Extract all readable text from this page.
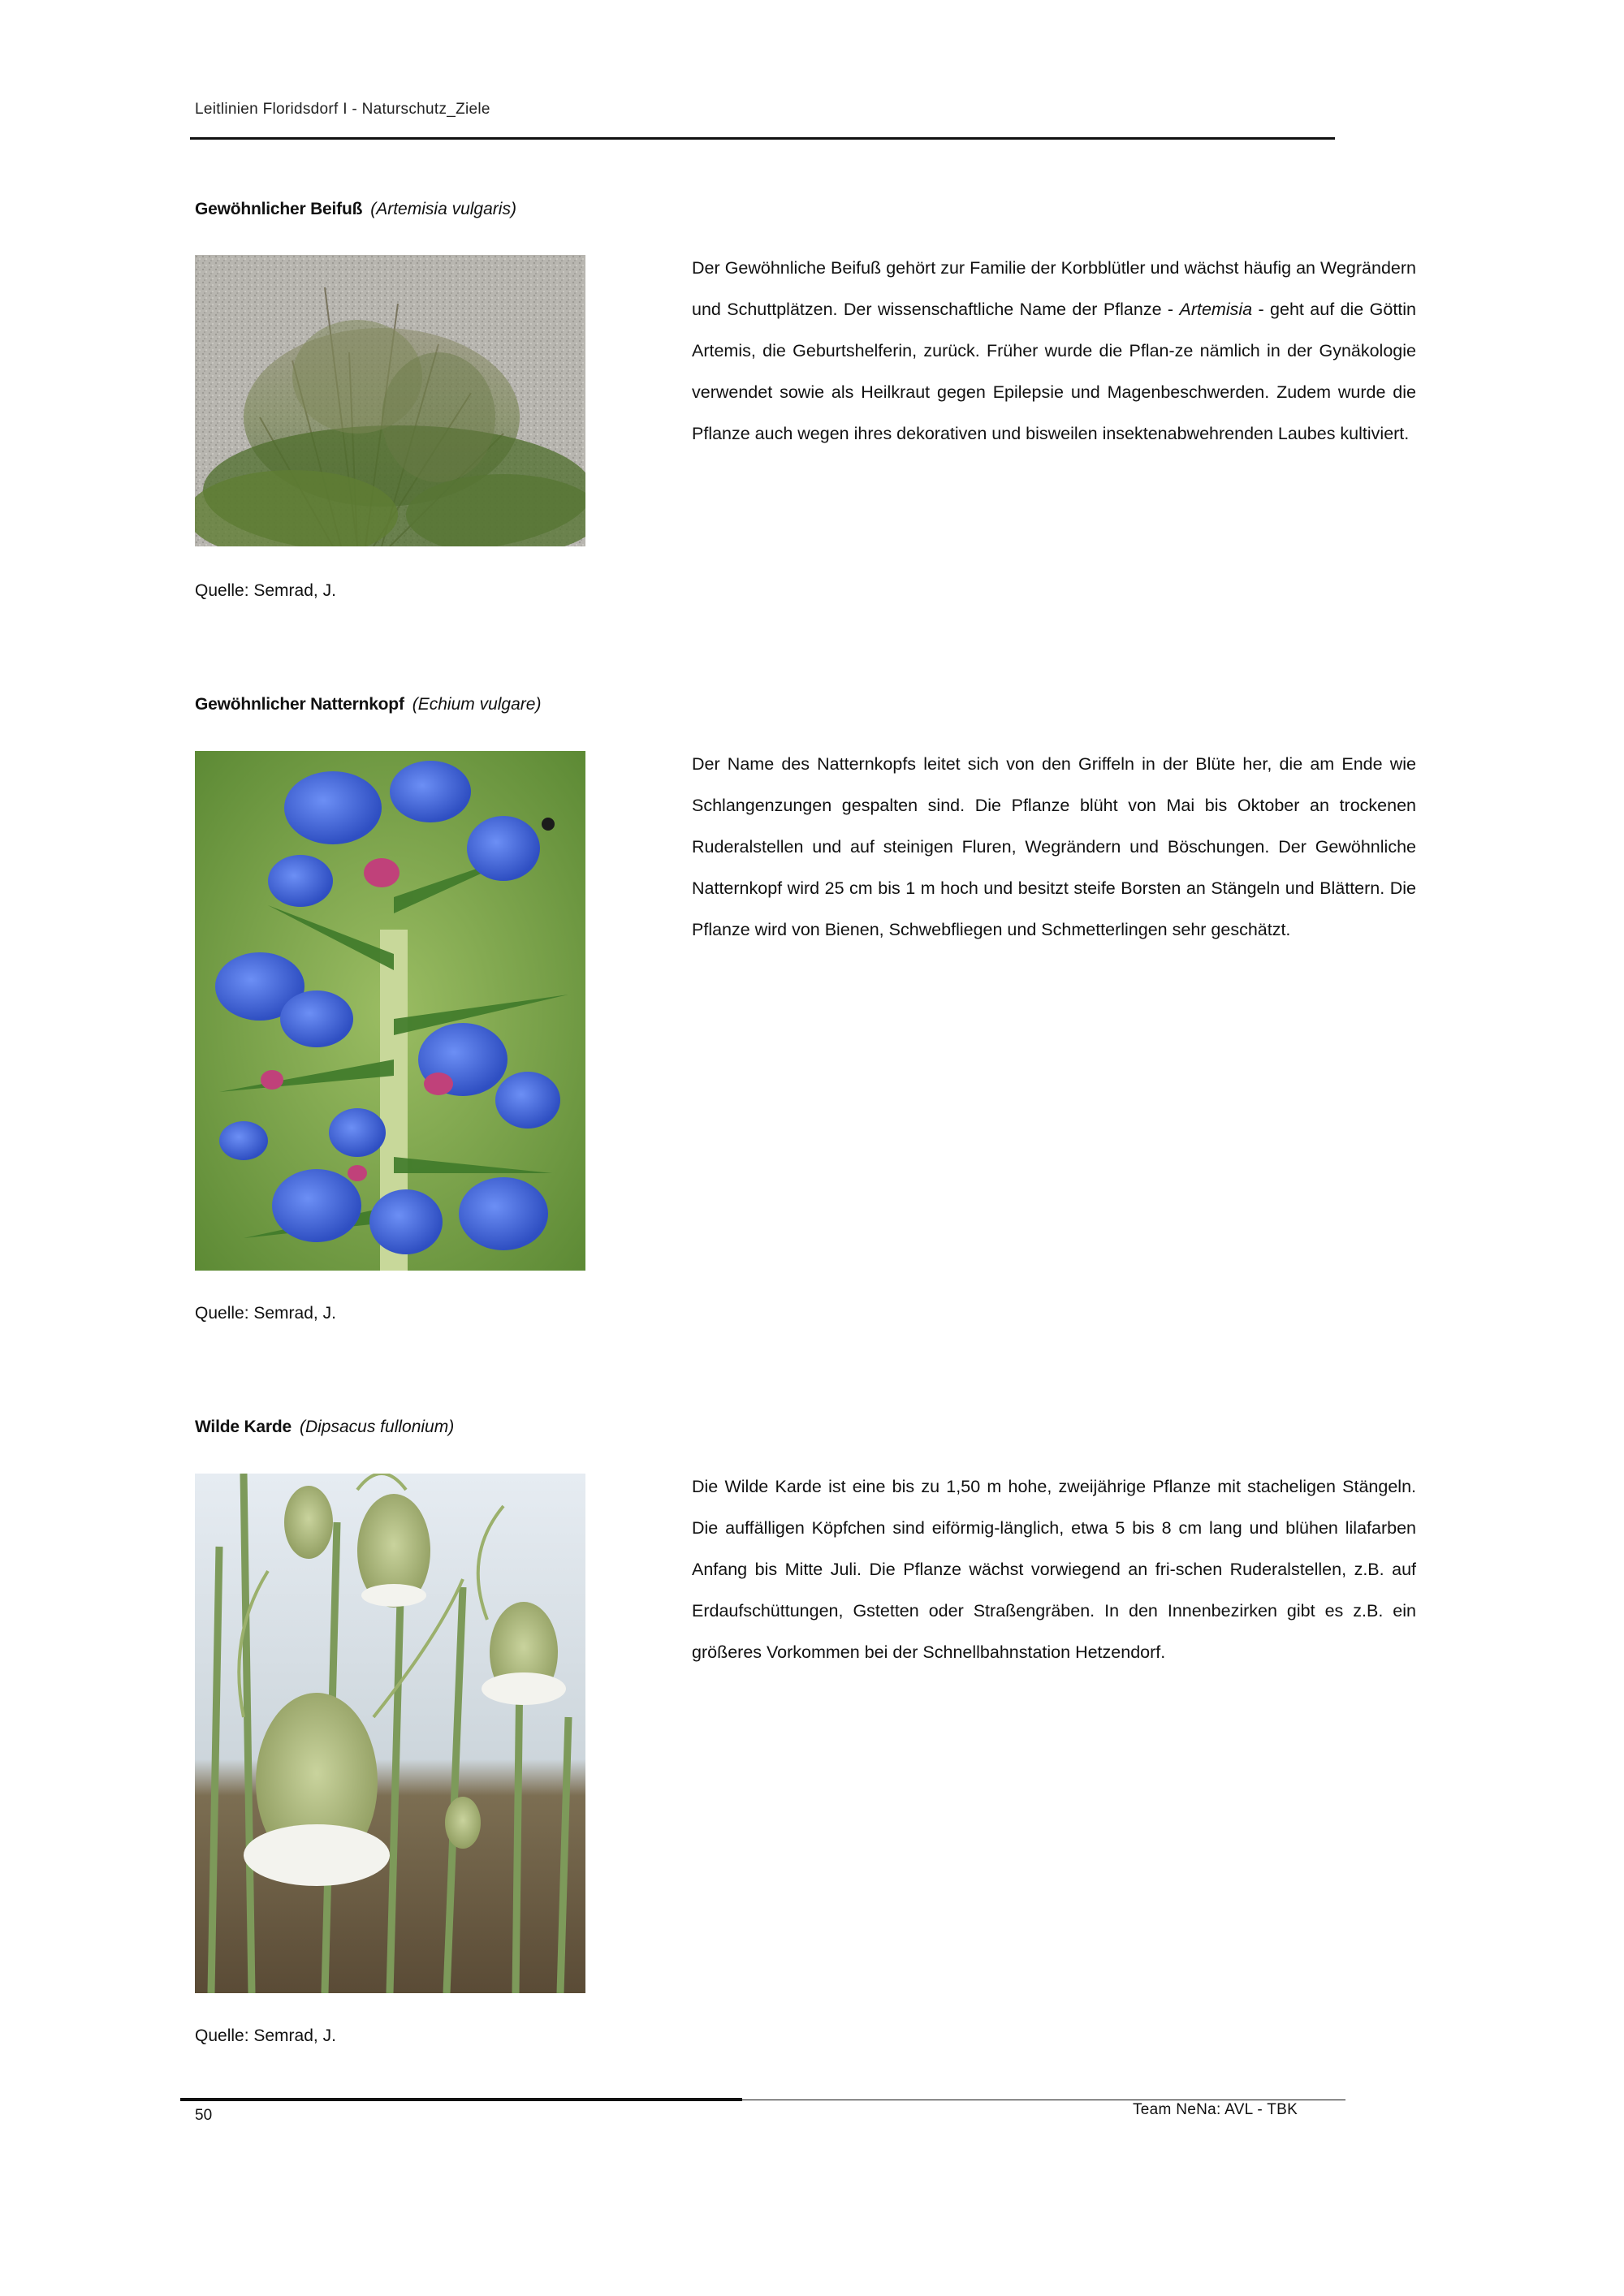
Leitlinien Floridsdorf I - Naturschutz_Ziele
Gewöhnlicher Beifuß (Artemisia vulgaris)

Der Gewöhnliche Beifuß gehört zur Familie der Korbblütler und wächst häufig an Wegrändern und Schuttplätzen. Der wissenschaftliche Name der Pflanze - Artemisia - geht auf die Göttin Artemis, die Geburtshelferin, zurück. Früher wurde die Pflan-ze nämlich in der Gynäkologie verwendet sowie als Heilkraut gegen Epilepsie und Magenbeschwerden. Zudem wurde die Pflanze auch wegen ihres dekorativen und bisweilen insektenabwehrenden Laubes kultiviert.

Quelle: Semrad, J.
Gewöhnlicher Natternkopf (Echium vulgare)

Der Name des Natternkopfs leitet sich von den Griffeln in der Blüte her, die am Ende wie Schlangenzungen gespalten sind. Die Pflanze blüht von Mai bis Oktober an trockenen Ruderalstellen und auf steinigen Fluren, Wegrändern und Böschungen. Der Gewöhnliche Natternkopf wird 25 cm bis 1 m hoch und besitzt steife Borsten an Stängeln und Blättern. Die Pflanze wird von Bienen, Schwebfliegen und Schmetterlingen sehr geschätzt.

Quelle: Semrad, J.
Wilde Karde (Dipsacus fullonium)

Die Wilde Karde ist eine bis zu 1,50 m hohe, zweijährige Pflanze mit stacheligen Stängeln. Die auffälligen Köpfchen sind eiförmig-länglich, etwa 5 bis 8 cm lang und blühen lilafarben Anfang bis Mitte Juli. Die Pflanze wächst vorwiegend an fri-schen Ruderalstellen, z.B. auf Erdaufschüttungen, Gstetten oder Straßengräben. In den Innenbezirken gibt es z.B. ein größeres Vorkommen bei der Schnellbahnstation Hetzendorf.

Quelle: Semrad, J.
50	Team NeNa: AVL - TBK
